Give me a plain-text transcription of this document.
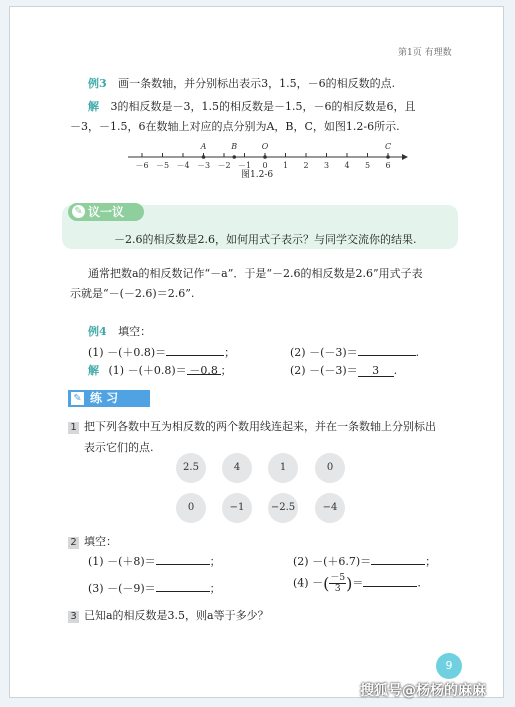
第1页 有理数
例3 画一条数轴，并分别标出表示3，1.5，－6的相反数的点.
解 3的相反数是－3，1.5的相反数是－1.5，－6的相反数是6，且
－3，－1.5，6在数轴上对应的点分别为A，B，C，如图1.2-6所示.
－6 －5 －4 －3 －2 －1 0 1 2 3 4 5 6
A	B	O	C
图1.2-6
✎ 议一议
－2.6的相反数是2.6，如何用式子表示？与同学交流你的结果.
通常把数a的相反数记作“－a”．于是“－2.6的相反数是2.6”用式子表
示就是“－(－2.6)＝2.6”.
例4 填空：
(1) －(＋0.8)＝	；	(2) －(－3)＝	.
解 (1) －(＋0.8)＝ －0.8 ；	(2) －(－3)＝ 3 .
✎ 练 习
1 把下列各数中互为相反数的两个数用线连起来，并在一条数轴上分别标出
表示它们的点.
2 填空：
(1) －(＋8)＝	；	(2) －(＋6.7)＝	；
(3) －(－9)＝	；	(4) －( $\frac{-5}{3}$ )＝	.
3 已知a的相反数是3.5，则a等于多少？
9
2.5	4	1	0
0	−1	−2.5	−4
搜狐号@杨杨的麻麻
